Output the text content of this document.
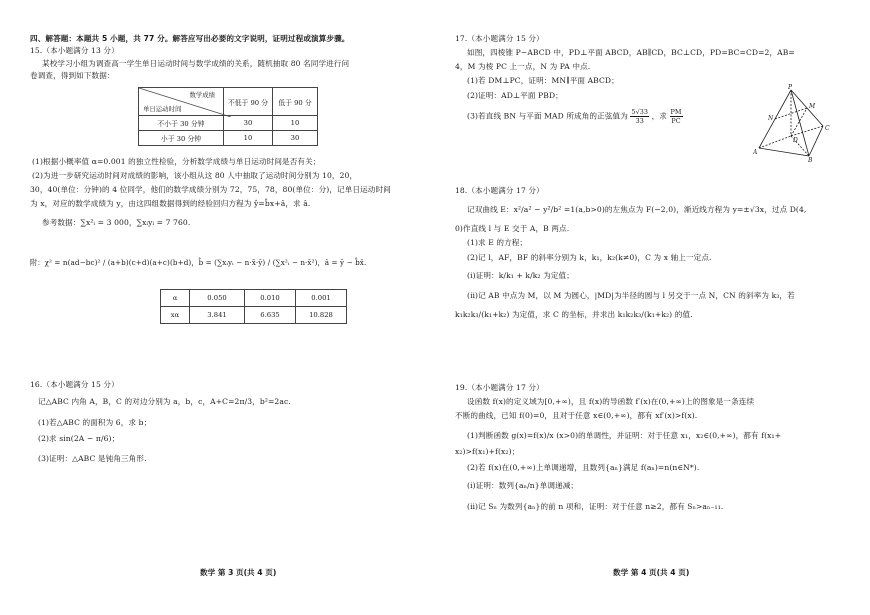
四、解答题：本题共 5 小题，共 77 分。解答应写出必要的文字说明，证明过程或演算步骤。
15.（本小题满分 13 分）
某校学习小组为调查高一学生单日运动时间与数学成绩的关系，随机抽取 80 名同学进行问
卷调查，得到如下数据：
数学成绩
单日运动时间	不低于 90 分	低于 90 分
不小于 30 分钟	30	10
小于 30 分钟	10	30
(1)根据小概率值 α=0.001 的独立性检验，分析数学成绩与单日运动时间是否有关；
(2)为进一步研究运动时间对成绩的影响，该小组从这 80 人中抽取了运动时间分别为 10，20，
30，40(单位：分钟)的 4 位同学，他们的数学成绩分别为 72，75，78，80(单位：分)，记单日运动时间
为 x，对应的数学成绩为 y，由这四组数据得到的经验回归方程为 ŷ=b̂x+â，求 â.
参考数据：∑x²ᵢ = 3 000，∑xᵢyᵢ = 7 760.
附：χ² = n(ad−bc)² / (a+b)(c+d)(a+c)(b+d)，b̂ = (∑xᵢyᵢ − n·x̄·ȳ) / (∑x²ᵢ − n·x̄²)，â = ȳ − b̂x̄.
α	0.050	0.010	0.001
xα	3.841	6.635	10.828
16.（本小题满分 15 分）
记△ABC 内角 A，B，C 的对边分别为 a，b，c，A+C=2π/3，b²=2ac.
(1)若△ABC 的面积为 6，求 b；
(2)求 sin(2A − π/6)；
(3)证明：△ABC 是钝角三角形.
数学 第 3 页(共 4 页)
17.（本小题满分 15 分）
如图，四棱锥 P−ABCD 中，PD⊥平面 ABCD，AB∥CD，BC⊥CD，PD=BC=CD=2，AB=
4，M 为棱 PC 上一点，N 为 PA 中点.
(1)若 DM⊥PC，证明：MN∥平面 ABCD；
(2)证明：AD⊥平面 PBD；
(3)若直线 BN 与平面 MAD 所成角的正弦值为 $\frac{5√33}{33}$ ，求 $\frac{PM}{PC}$
P
A
B
C
D
M
N
18.（本小题满分 17 分）
记双曲线 E：x²/a² − y²/b² =1(a,b>0)的左焦点为 F(−2,0)，渐近线方程为 y=±√3x，过点 D(4,
0)作直线 l 与 E 交于 A，B 两点.
(1)求 E 的方程；
(2)记 l，AF，BF 的斜率分别为 k，k₁，k₂(k≠0)，C 为 x 轴上一定点.
(ⅰ)证明：k/k₁ + k/k₂ 为定值；
(ⅱ)记 AB 中点为 M，以 M 为圆心，|MD|为半径的圆与 l 另交于一点 N，CN 的斜率为 k₃，若
k₁k₂k₃/(k₁+k₂) 为定值，求 C 的坐标，并求出 k₁k₂k₃/(k₁+k₂) 的值.
19.（本小题满分 17 分）
设函数 f(x)的定义域为[0,+∞)，且 f(x)的导函数 f′(x)在(0,+∞)上的图象是一条连续
不断的曲线，已知 f(0)=0，且对于任意 x∈(0,+∞)，都有 xf′(x)>f(x).
(1)判断函数 g(x)=f(x)/x (x>0)的单调性，并证明：对于任意 x₁，x₂∈(0,+∞)，都有 f(x₁+
x₂)>f(x₁)+f(x₂)；
(2)若 f(x)在(0,+∞)上单调递增，且数列{aₙ}满足 f(aₙ)=n(n∈N*).
(ⅰ)证明：数列{aₙ/n}单调递减；
(ⅱ)记 Sₙ 为数列{aₙ}的前 n 项和，证明：对于任意 n≥2，都有 Sₙ>aₙ₋₁₁.
数学 第 4 页(共 4 页)
